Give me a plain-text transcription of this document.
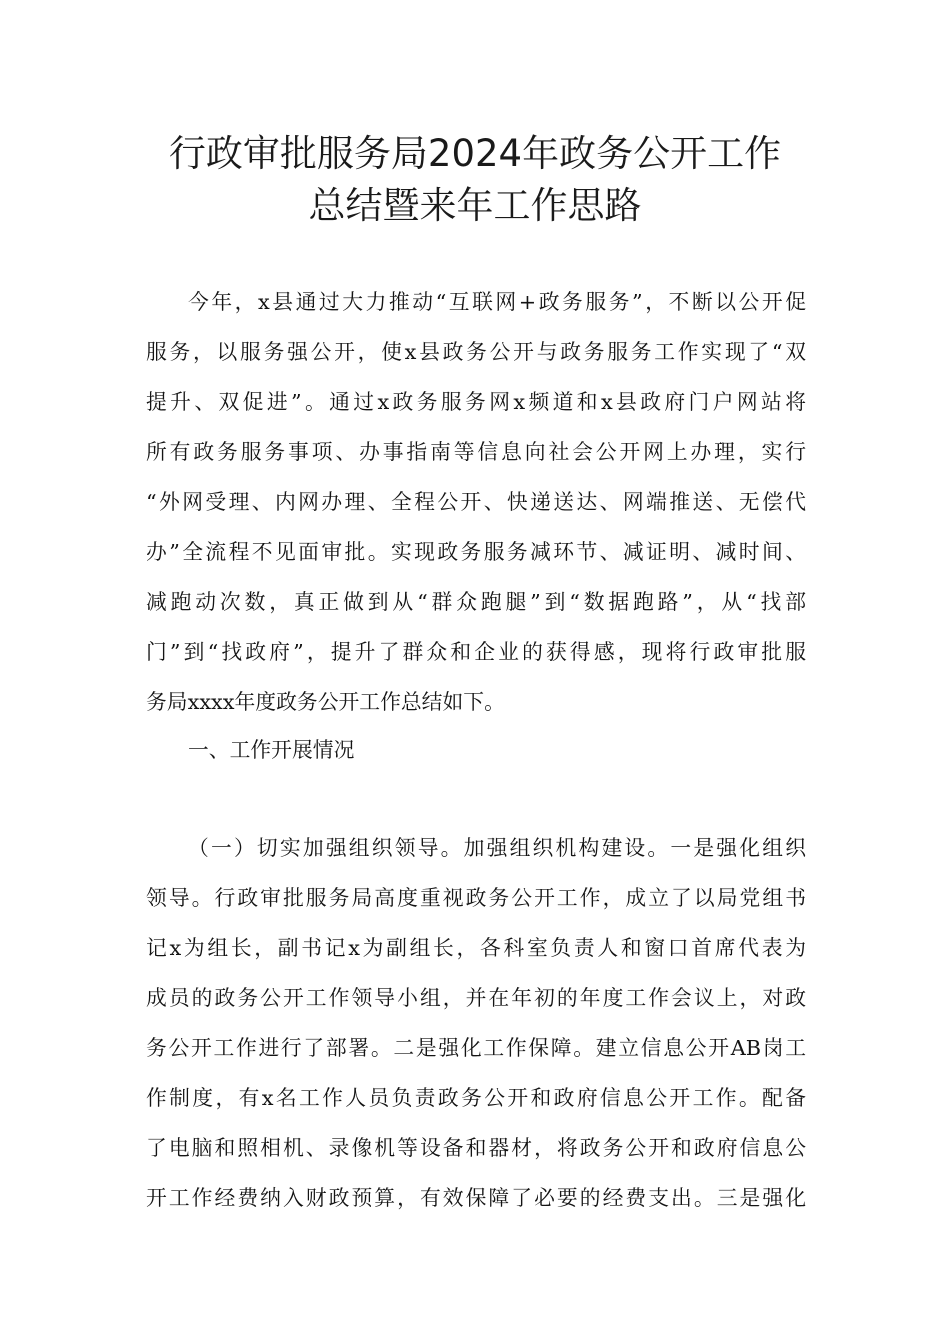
行政审批服务局2024年政务公开工作
总结暨来年工作思路
今年，x县通过大力推动“互联网+政务服务”，不断以公开促
服务，以服务强公开，使x县政务公开与政务服务工作实现了“双
提升、双促进”。通过x政务服务网x频道和x县政府门户网站将
所有政务服务事项、办事指南等信息向社会公开网上办理，实行
“外网受理、内网办理、全程公开、快递送达、网端推送、无偿代
办”全流程不见面审批。实现政务服务减环节、减证明、减时间、
减跑动次数，真正做到从“群众跑腿”到“数据跑路”，从“找部
门”到“找政府”，提升了群众和企业的获得感，现将行政审批服
务局xxxx年度政务公开工作总结如下。
一、工作开展情况
（一）切实加强组织领导。加强组织机构建设。一是强化组织
领导。行政审批服务局高度重视政务公开工作，成立了以局党组书
记x为组长，副书记x为副组长，各科室负责人和窗口首席代表为
成员的政务公开工作领导小组，并在年初的年度工作会议上，对政
务公开工作进行了部署。二是强化工作保障。建立信息公开AB岗工
作制度，有x名工作人员负责政务公开和政府信息公开工作。配备
了电脑和照相机、录像机等设备和器材，将政务公开和政府信息公
开工作经费纳入财政预算，有效保障了必要的经费支出。三是强化
